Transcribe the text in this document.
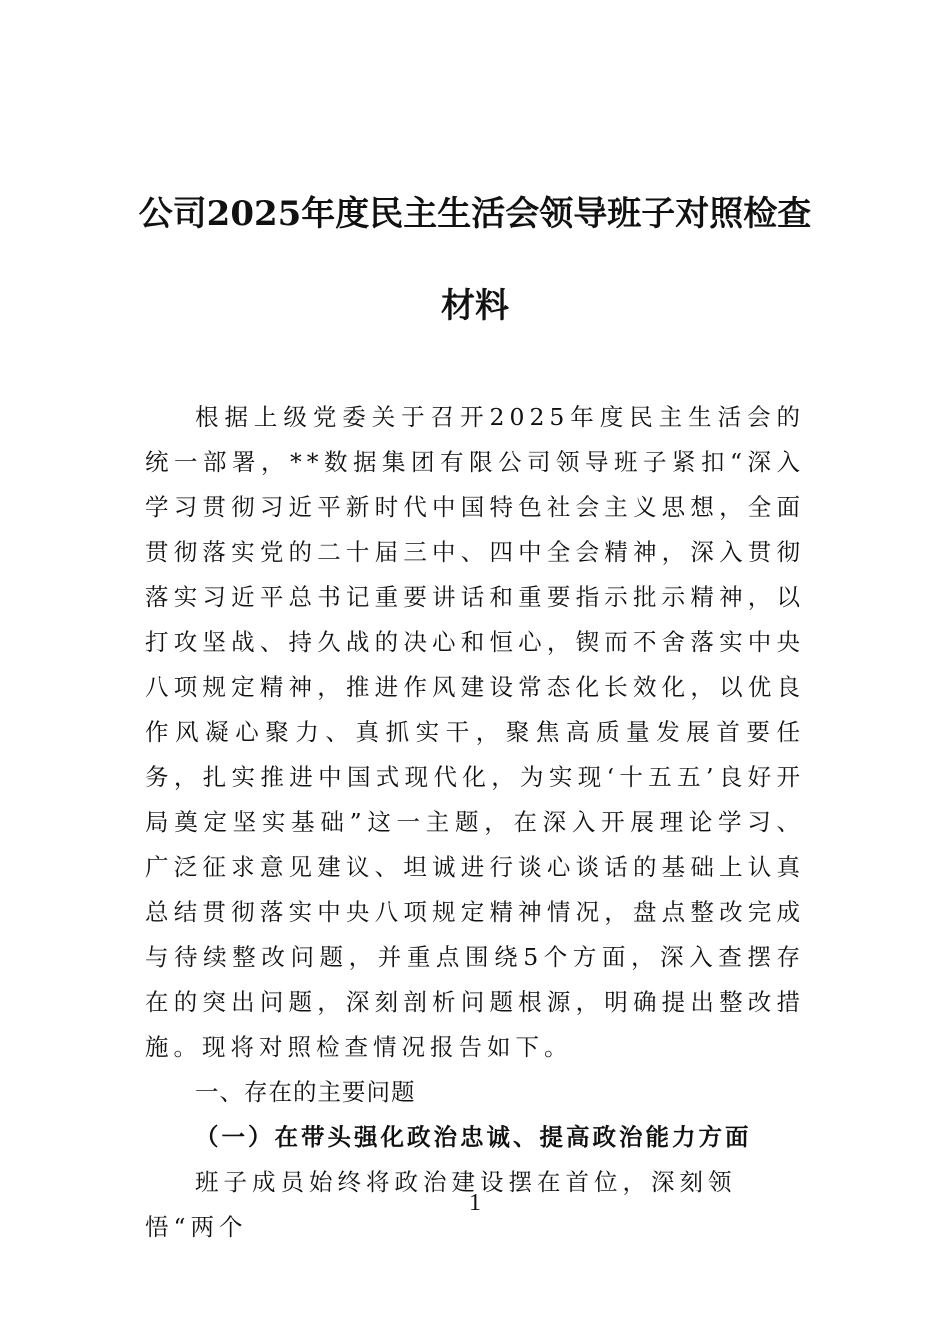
公司2025年度民主生活会领导班子对照检查材料

根据上级党委关于召开2025年度民主生活会的统一部署，**数据集团有限公司领导班子紧扣“深入学习贯彻习近平新时代中国特色社会主义思想，全面贯彻落实党的二十届三中、四中全会精神，深入贯彻落实习近平总书记重要讲话和重要指示批示精神，以打攻坚战、持久战的决心和恒心，锲而不舍落实中央八项规定精神，推进作风建设常态化长效化，以优良作风凝心聚力、真抓实干，聚焦高质量发展首要任务，扎实推进中国式现代化，为实现‘十五五’良好开局奠定坚实基础”这一主题，在深入开展理论学习、广泛征求意见建议、坦诚进行谈心谈话的基础上认真总结贯彻落实中央八项规定精神情况，盘点整改完成与待续整改问题，并重点围绕5个方面，深入查摆存在的突出问题，深刻剖析问题根源，明确提出整改措施。现将对照检查情况报告如下。

一、存在的主要问题

（一）在带头强化政治忠诚、提高政治能力方面

班子成员始终将政治建设摆在首位，深刻领悟“两个

1
